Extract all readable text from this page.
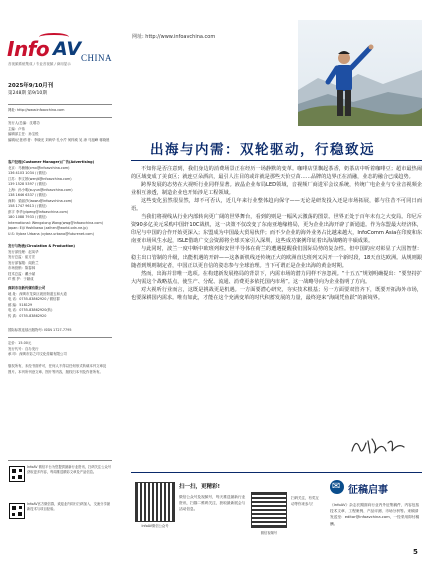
Info AV CHINA
音视频系统集成 / 专业音视频 / 商用显示
2025年9/10月刊
第248期 第9/10期
网址: http://www.infoavchina.com
发行人/总编：沈增功
主编：卢伟
编辑部主任：孙宝悦
编辑/记者/作者：李晓光 刘尚华 孔小芹 何梓威 吴 涛 马旭峰 蒋晓晨
客户经理(Customer Manager)/广告(Advertising)
北京：马楠楠(cmx@infoavchina.com)
136 4103 1034 / (微信)
江苏：李文婷(wenjt@infoavchina.com)
139 1528 5397 / (微信)
上海：孙小明(suyun@infoavchina.com)
138 1646 6337 / (微信)
深圳：梁丽莎(laowu@infoavchina.com)
158 1747 9613 / (微信)
彭宇 李华(yipeng@infoavchina.com)
180 1088 7933 / (微信)
International: Wengxiong Wang(wwg@infoavchina.com)
Japan: Eiji Yoshikawa (zaihen@world.odn.ne.jp)
U.S: Vybez Urbana (vybez.urbana@futurenet.com)
发行与物流(Circulation & Production)
发行部经理：赵凤华
发行总监：崔方宏
发行部客服：阎欣兰
市场营销：陈春林
技术总监：戴小斌
IT 维 护：于颖成
深圳市谷新传媒有限公司
地 址：深圳市龙岗区坂田街道五和大道
电 话：0755-83862920 / 微信群
邮 编：518129
电 话：0755-83862920(转)
传 真：0755-83862920
国际标准连续出版物号: ISSN 1727-7795
定价：15.00元
发行代号：自办发行
承 印：深圳市彩之印文化传媒有限公司
版权所有，未经书面许可，任何人不得以任何形式转载本刊文章及图片。本刊所刊登文章、图片等内容，版权归本刊及作者所有。
InfoAV 微信平台为您提供最新行业资讯，扫码关注公众号获取更多内容，每周推送精彩文章及产品信息。
InfoAV官方微信群，欢迎业内同行扫码加入，交流分享最新技术与项目经验。
网址: http://www.infoavchina.com
出海与内需：双轮驱动，行稳致远

不知你是否注意到，我们身边的消费场景正在经历一场静默的变革。咖啡店里飘起茶香，奶茶店中听着咖啡豆；超市最热闹的区域变成了美食区；就连豆朵酒店，最引人注目的或许就是那些天价豆苗……品牌的边界正在消融，业态的融合已成趋势。

跨界发展的态势在大视听行业同样显著。液晶企业布局LED领域，音视频厂商进军会议系统，传统广电企业与专业音视频企业相互渗透，制造企业也开始涉足工程领域。

这些变化虽然很显然，却不可否认，近几年来行业整体趋向保守——无论是研发投入还是市场拓展，都与往昔不可同日而语。

当我们将视线从行业内部转向更广阔的世界舞台，看到的则是一幅风云激荡的图景。世界正处于百年未有之大变局。印尼斥资90多亿美元采购中国轩10C战机，这一决策不仅改变了东南亚地缘格局，更为企业出海开辟了新通道。作为东盟最大经济体，印尼与中国的合作开始更深入；东盟成为中国最大贸易伙伴；而不少企业的海外业务占比越来越大，InfoComm Asia在印度和东南亚市场风生水起，ISLE借助广交会资源将全球买家引入深圳，这些成功案例印证着出海战略的丰硕成果。

与此同时，波兰一度中断中欧班列和安世半导体在荷兰的遭遇提醒我们国际局势的复杂性。但中国的应对彰显了大国智慧：稳主出口管制的升级，出能机遇的开辟——这条新机线还传统正大的欧洲直达班列又闪开一个新时段，18天直达欧洲。从规则跟随者到规则制定者，中国正以更自信的姿态参与全球治理。当下可谓正是企业出海的黄金时期。

然而，出海并非唯一选项。在构建新发展格局的背景下，内需市场的潜力同样不容忽视。“十五五”规划明确提出：“要坚持扩大内需这个战略基点，使生产、分配、流通、消费更多依托国内市场”。这一战略导向为企业指明了方向。

对大视听行业而言，这既是挑战更是机遇。一方面要潜心研究，夯实技术根基；另一方面要双管齐下，既要开拓海外市场，也要深耕国内需求。唯有如此，才能在这个充满变革的时代积蓄发展的力量，最终迎来“海阔凭鱼跃”的新境界。

扫一扫，更精彩!
微信公众号及视频号，每天推送最新行业资讯，扫描二维码关注，获取最新展会与活动信息。
扫码关注，有奖互动等你来参与！
InfoAV微信公众号
微信视频号
✉
征稿启事
《InfoAV》杂志长期面向行业内外征集稿件，内容包括技术文章、工程案例、产品评测、市场分析等。来稿请发送至：editor@infoavchina.com，一经采用即付稿酬。
5
